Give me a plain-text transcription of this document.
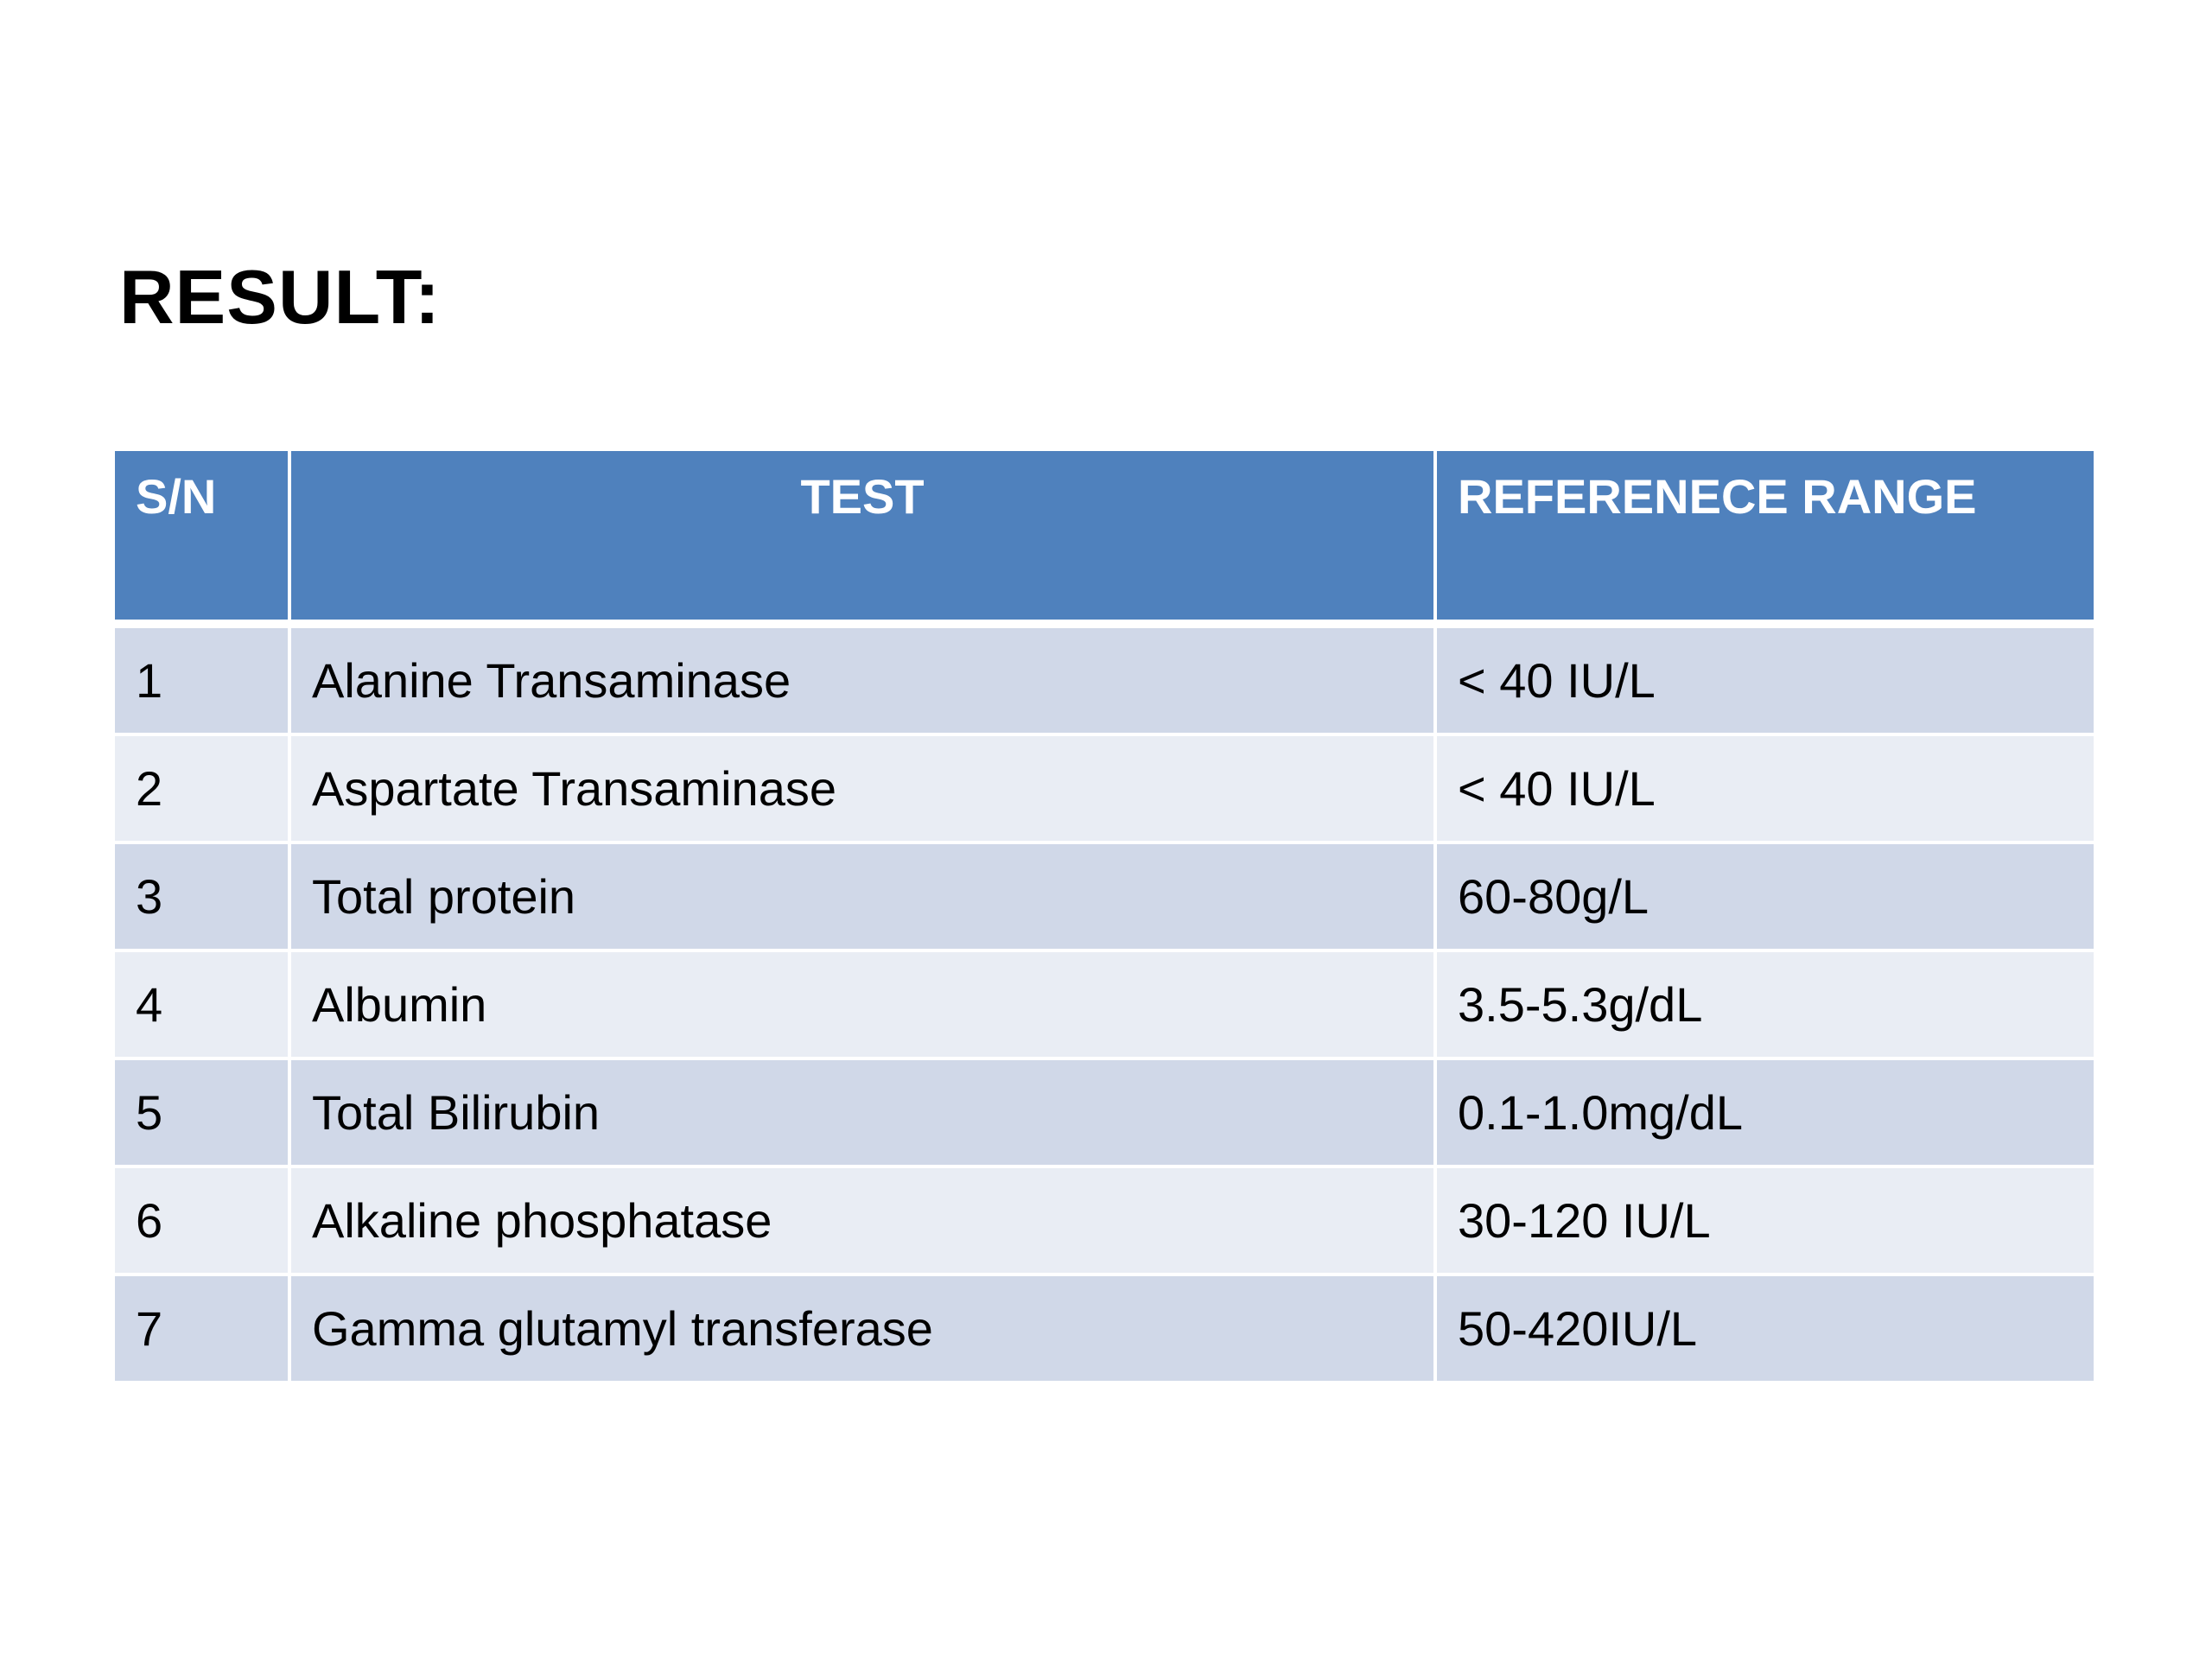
RESULT:
S/N	TEST	REFERENECE RANGE
1	Alanine Transaminase	< 40 IU/L
2	Aspartate Transaminase	< 40 IU/L
3	Total protein	60-80g/L
4	Albumin	3.5-5.3g/dL
5	Total Bilirubin	0.1-1.0mg/dL
6	Alkaline phosphatase	30-120 IU/L
7	Gamma glutamyl transferase	50-420IU/L
